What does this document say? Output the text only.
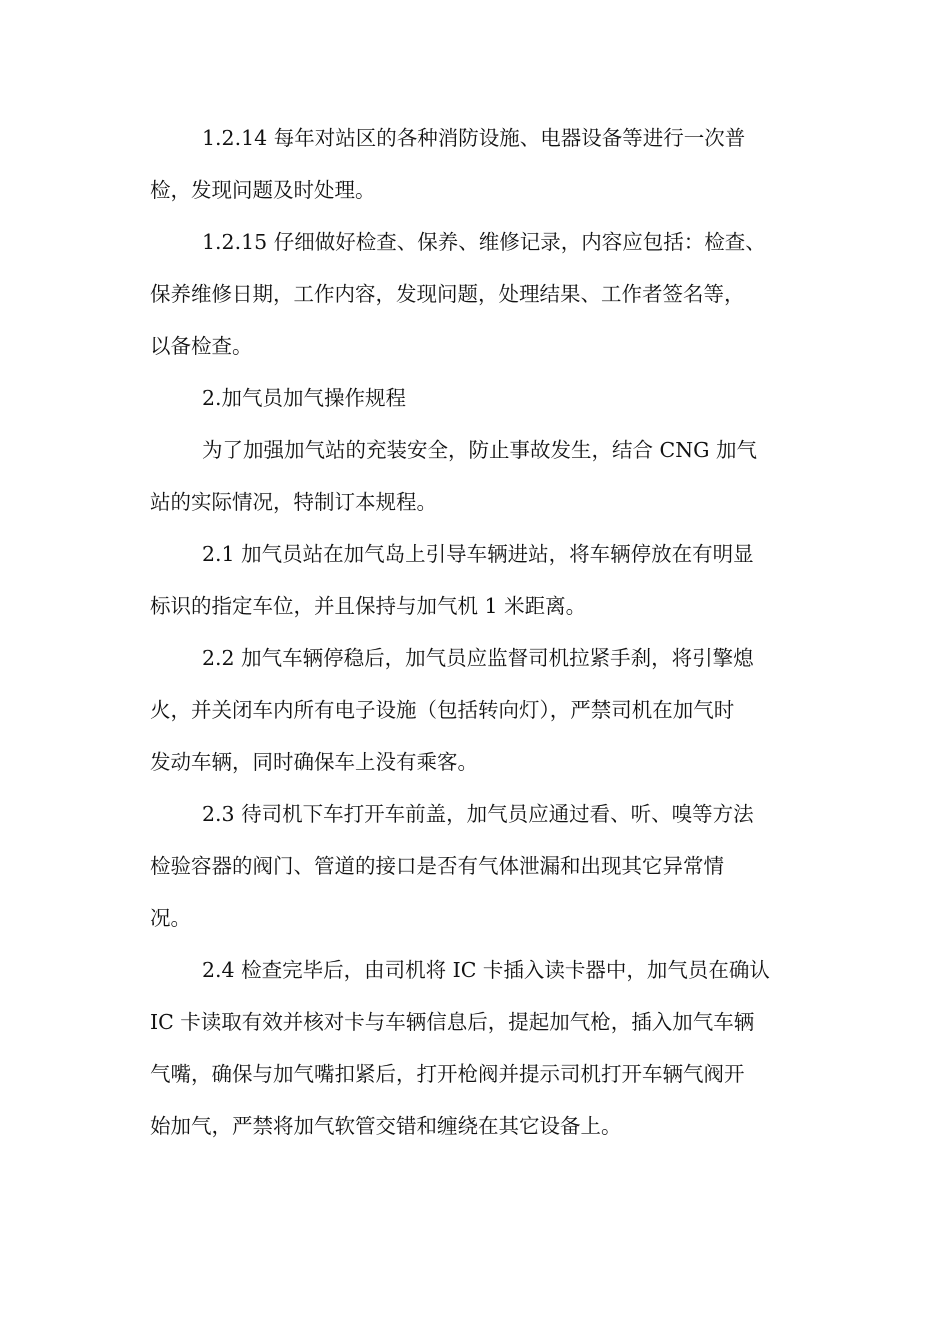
1.2.14 每年对站区的各种消防设施、电器设备等进行一次普
检，发现问题及时处理。

1.2.15 仔细做好检查、保养、维修记录，内容应包括：检查、
保养维修日期，工作内容，发现问题，处理结果、工作者签名等，
以备检查。

2.加气员加气操作规程

为了加强加气站的充装安全，防止事故发生，结合 CNG 加气
站的实际情况，特制订本规程。

2.1 加气员站在加气岛上引导车辆进站，将车辆停放在有明显
标识的指定车位，并且保持与加气机 1 米距离。

2.2 加气车辆停稳后，加气员应监督司机拉紧手刹，将引擎熄
火，并关闭车内所有电子设施（包括转向灯），严禁司机在加气时
发动车辆，同时确保车上没有乘客。

2.3 待司机下车打开车前盖，加气员应通过看、听、嗅等方法
检验容器的阀门、管道的接口是否有气体泄漏和出现其它异常情
况。

2.4 检查完毕后，由司机将 IC 卡插入读卡器中，加气员在确认
IC 卡读取有效并核对卡与车辆信息后，提起加气枪，插入加气车辆
气嘴，确保与加气嘴扣紧后，打开枪阀并提示司机打开车辆气阀开
始加气，严禁将加气软管交错和缠绕在其它设备上。
